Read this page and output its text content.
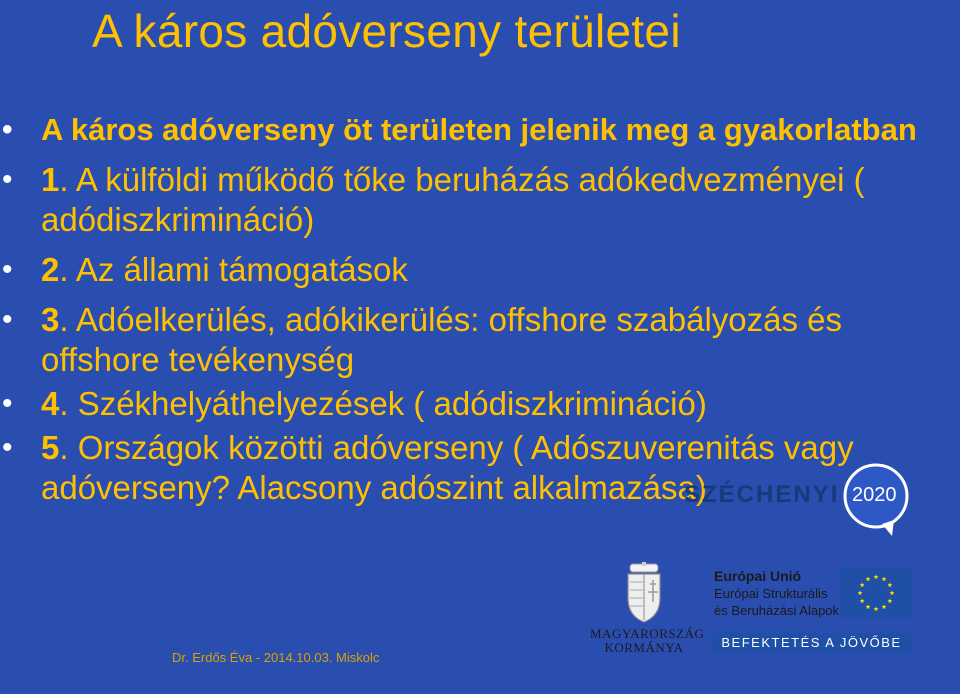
A káros adóverseny területei
• A káros adóverseny öt területen jelenik meg a gyakorlatban
• 1. A külföldi működő tőke beruházás adókedvezményei ( adódiszkrimináció)
• 2. Az állami támogatások
• 3. Adóelkerülés, adókikerülés: offshore szabályozás és offshore tevékenység
• 4. Székhelyáthelyezések ( adódiszkrimináció)
• 5. Országok közötti adóverseny ( Adószuverenitás vagy adóverseny? Alacsony adószint alkalmazása)
SZÉCHENYI 2020
MAGYARORSZÁG
KORMÁNYA
Európai Unió
Európai Strukturális
és Beruházási Alapok
BEFEKTETÉS A JÖVŐBE
Dr. Erdős Éva - 2014.10.03. Miskolc
